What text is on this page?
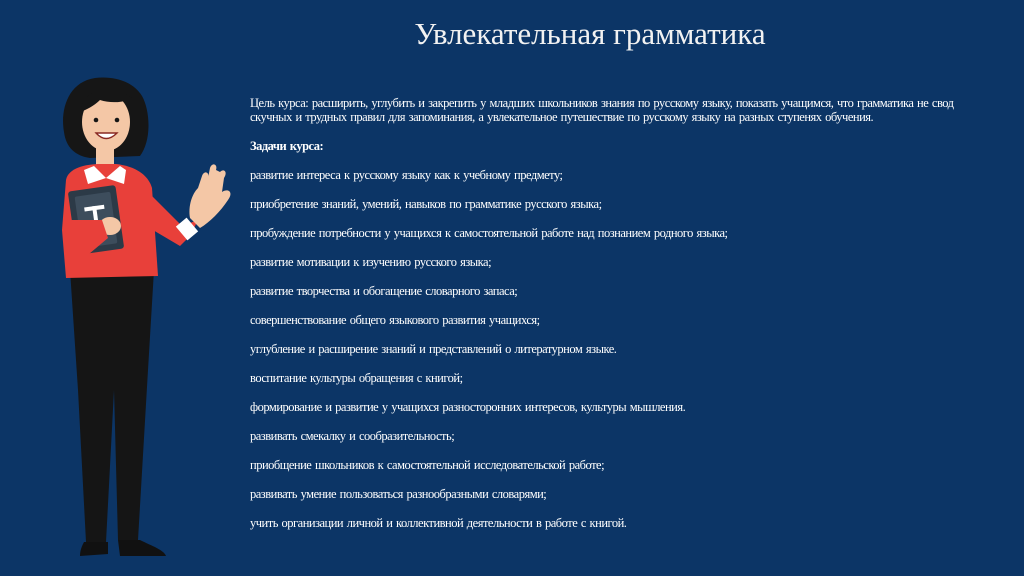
Увлекательная грамматика

Цель курса: расширить, углубить и закрепить у младших школьников знания по русскому языку, показать учащимся, что грамматика не свод скучных и трудных правил для запоминания, а увлекательное путешествие по русскому языку на разных ступенях обучения.

Задачи курса:

развитие интереса к русскому языку как к учебному предмету;
приобретение знаний, умений, навыков по грамматике русского языка;
пробуждение потребности у учащихся к самостоятельной работе над познанием родного языка;
развитие мотивации к изучению русского языка;
развитие творчества и обогащение словарного запаса;
совершенствование общего языкового развития учащихся;
углубление и расширение знаний и представлений о литературном языке.
воспитание культуры обращения с книгой;
формирование и развитие у учащихся разносторонних интересов, культуры мышления.
развивать смекалку и сообразительность;
приобщение школьников к самостоятельной исследовательской работе;
развивать умение пользоваться разнообразными словарями;
учить организации личной и коллективной деятельности в работе с книгой.
